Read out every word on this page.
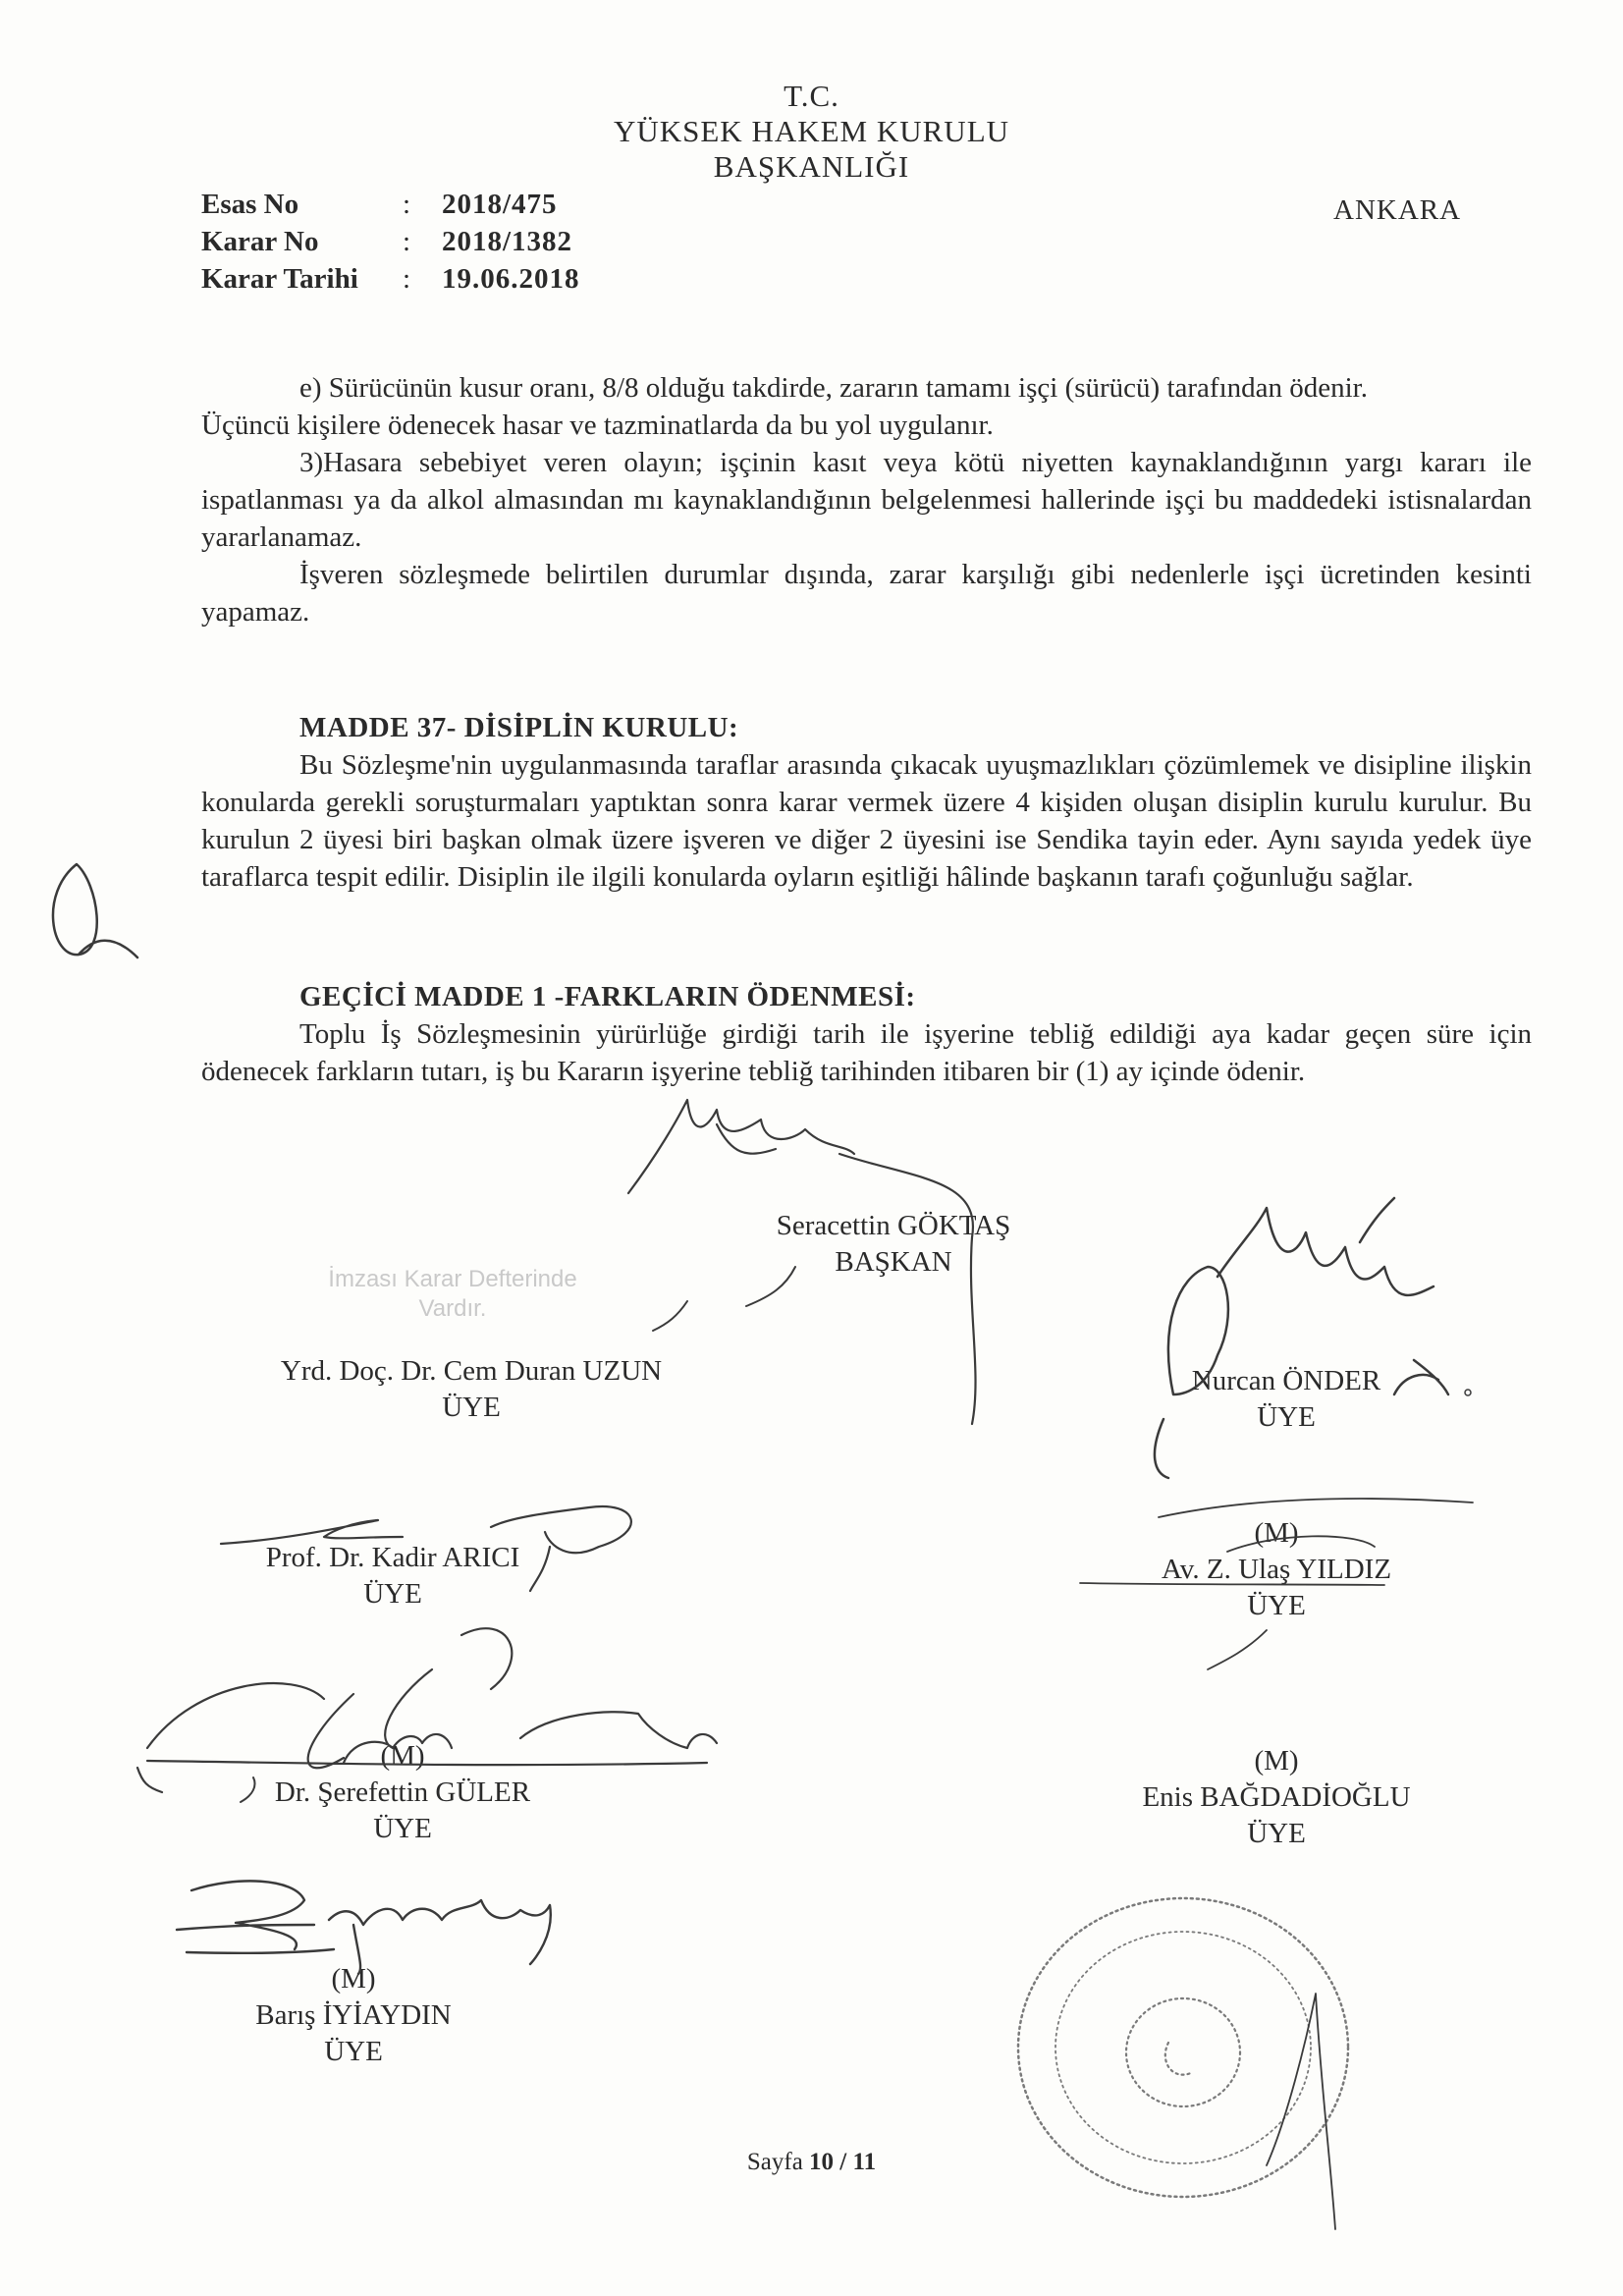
T.C.
YÜKSEK HAKEM KURULU
BAŞKANLIĞI
ANKARA
Esas No	: 2018/475
Karar No	: 2018/1382
Karar Tarihi : 19.06.2018

e) Sürücünün kusur oranı, 8/8 olduğu takdirde, zararın tamamı işçi (sürücü) tarafından ödenir.

Üçüncü kişilere ödenecek hasar ve tazminatlarda da bu yol uygulanır.

3)Hasara sebebiyet veren olayın; işçinin kasıt veya kötü niyetten kaynaklandığının yargı kararı ile ispatlanması ya da alkol almasından mı kaynaklandığının belgelenmesi hallerinde işçi bu maddedeki istisnalardan yararlanamaz.

İşveren sözleşmede belirtilen durumlar dışında, zarar karşılığı gibi nedenlerle işçi ücretinden kesinti yapamaz.

MADDE 37- DİSİPLİN KURULU:

Bu Sözleşme'nin uygulanmasında taraflar arasında çıkacak uyuşmazlıkları çözümlemek ve disipline ilişkin konularda gerekli soruşturmaları yaptıktan sonra karar vermek üzere 4 kişiden oluşan disiplin kurulu kurulur. Bu kurulun 2 üyesi biri başkan olmak üzere işveren ve diğer 2 üyesini ise Sendika tayin eder. Aynı sayıda yedek üye taraflarca tespit edilir. Disiplin ile ilgili konularda oyların eşitliği hâlinde başkanın tarafı çoğunluğu sağlar.

GEÇİCİ MADDE 1 -FARKLARIN ÖDENMESİ:

Toplu İş Sözleşmesinin yürürlüğe girdiği tarih ile işyerine tebliğ edildiği aya kadar geçen süre için ödenecek farkların tutarı, iş bu Kararın işyerine tebliğ tarihinden itibaren bir (1) ay içinde ödenir.

İmzası Karar Defterinde
Vardır.
Seracettin GÖKTAŞ
BAŞKAN
Yrd. Doç. Dr. Cem Duran UZUN
ÜYE
Nurcan ÖNDER
ÜYE
Prof. Dr. Kadir ARICI
ÜYE
(M)
Av. Z. Ulaş YILDIZ
ÜYE
(M)
Dr. Şerefettin GÜLER
ÜYE
(M)
Enis BAĞDADİOĞLU
ÜYE
(M)
Barış İYİAYDIN
ÜYE
Sayfa 10 / 11
